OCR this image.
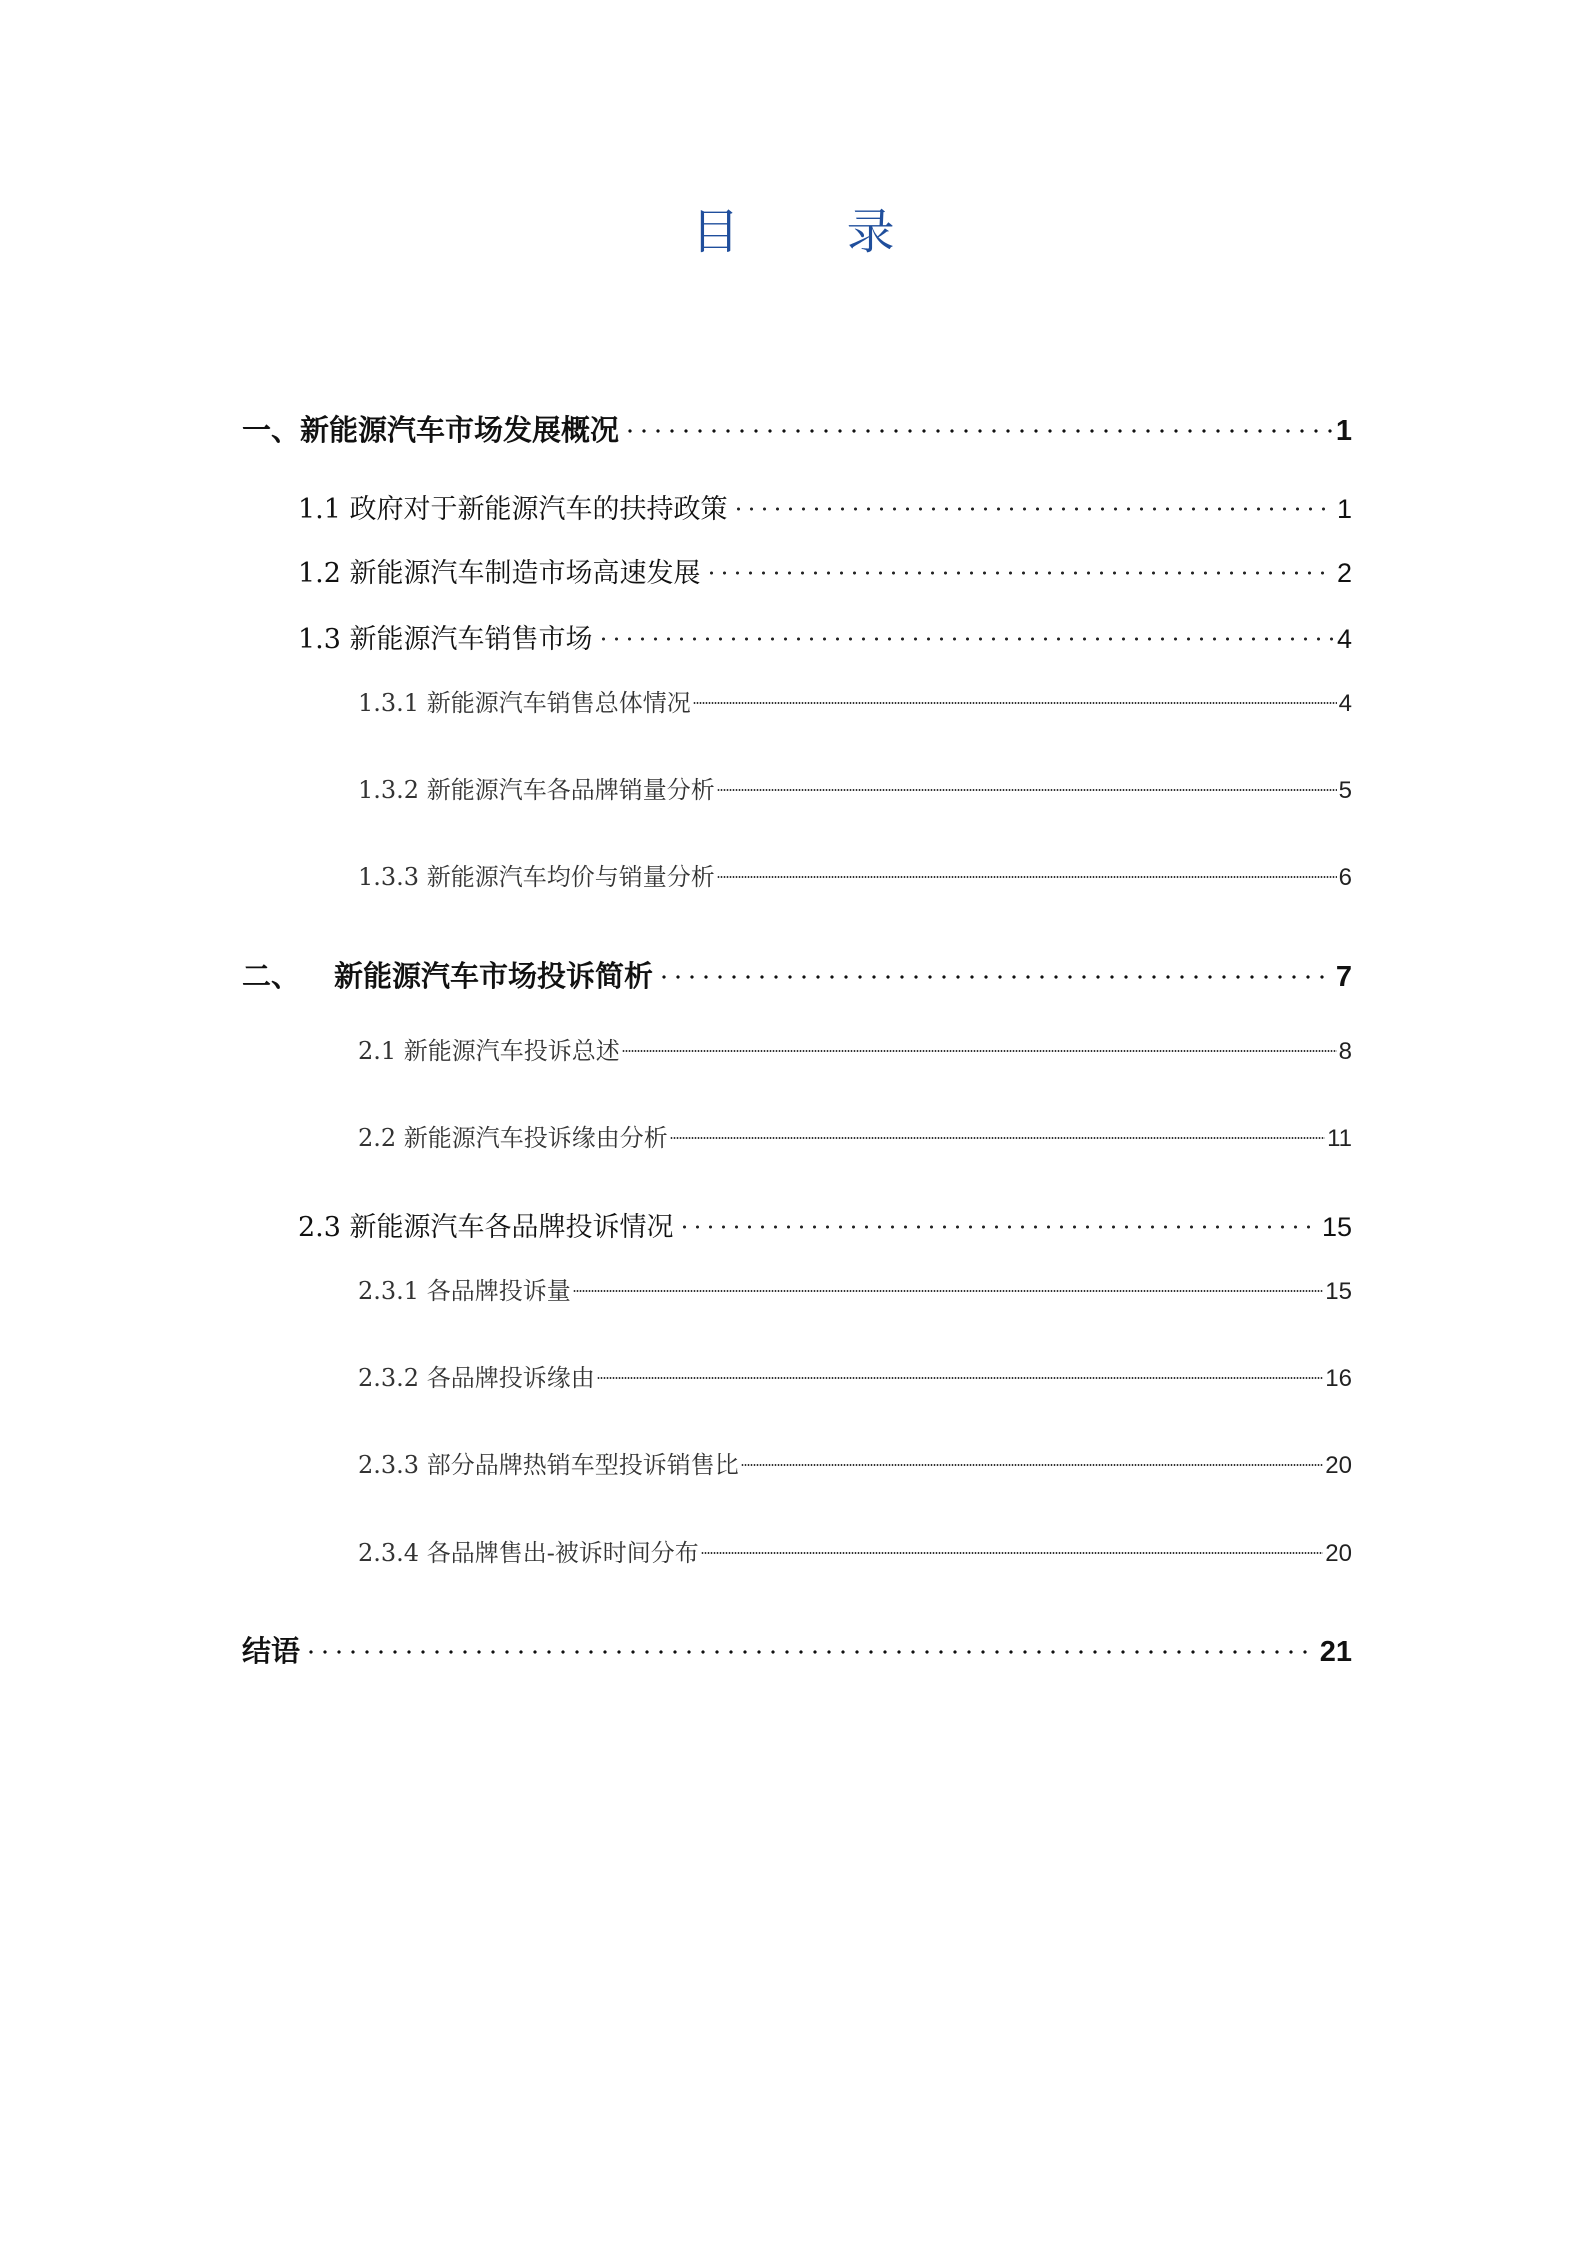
目 录
一、新能源汽车市场发展概况	1
1.1 政府对于新能源汽车的扶持政策	1
1.2 新能源汽车制造市场高速发展	2
1.3 新能源汽车销售市场	4
1.3.1 新能源汽车销售总体情况	4
1.3.2 新能源汽车各品牌销量分析	5
1.3.3 新能源汽车均价与销量分析	6
二、 新能源汽车市场投诉简析	7
2.1 新能源汽车投诉总述	8
2.2 新能源汽车投诉缘由分析	11
2.3 新能源汽车各品牌投诉情况	15
2.3.1 各品牌投诉量	15
2.3.2 各品牌投诉缘由	16
2.3.3 部分品牌热销车型投诉销售比	20
2.3.4 各品牌售出-被诉时间分布	20
结语	21
